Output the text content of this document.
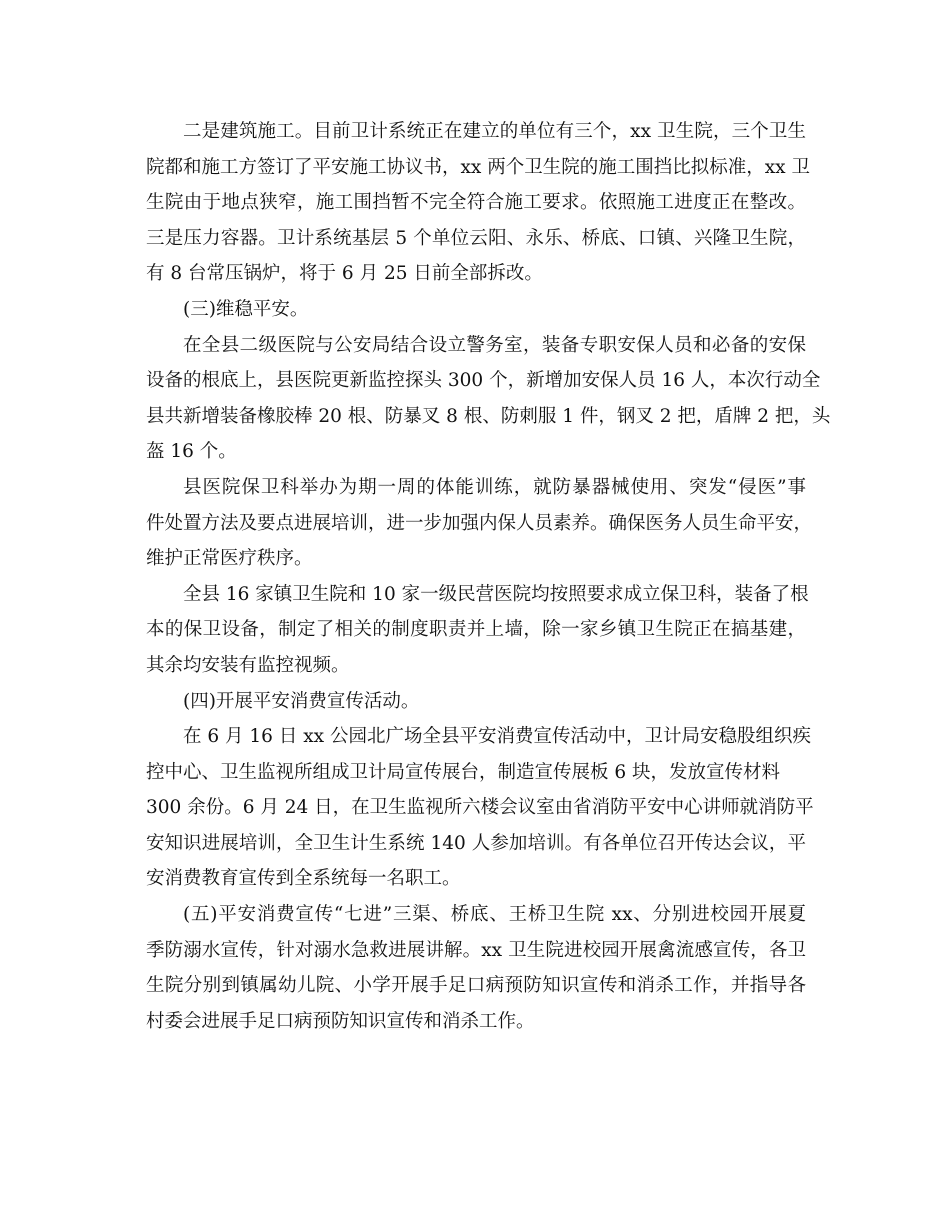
二是建筑施工。目前卫计系统正在建立的单位有三个，xx 卫生院，三个卫生
院都和施工方签订了平安施工协议书，xx 两个卫生院的施工围挡比拟标准，xx 卫
生院由于地点狭窄，施工围挡暂不完全符合施工要求。依照施工进度正在整改。
三是压力容器。卫计系统基层 5 个单位云阳、永乐、桥底、口镇、兴隆卫生院，
有 8 台常压锅炉，将于 6 月 25 日前全部拆改。
(三)维稳平安。
在全县二级医院与公安局结合设立警务室，装备专职安保人员和必备的安保
设备的根底上，县医院更新监控探头 300 个，新增加安保人员 16 人，本次行动全
县共新增装备橡胶棒 20 根、防暴叉 8 根、防刺服 1 件，钢叉 2 把，盾牌 2 把，头
盔 16 个。
县医院保卫科举办为期一周的体能训练，就防暴器械使用、突发“侵医”事
件处置方法及要点进展培训，进一步加强内保人员素养。确保医务人员生命平安，
维护正常医疗秩序。
全县 16 家镇卫生院和 10 家一级民营医院均按照要求成立保卫科，装备了根
本的保卫设备，制定了相关的制度职责并上墙，除一家乡镇卫生院正在搞基建，
其余均安装有监控视频。
(四)开展平安消费宣传活动。
在 6 月 16 日 xx 公园北广场全县平安消费宣传活动中，卫计局安稳股组织疾
控中心、卫生监视所组成卫计局宣传展台，制造宣传展板 6 块，发放宣传材料
300 余份。6 月 24 日，在卫生监视所六楼会议室由省消防平安中心讲师就消防平
安知识进展培训，全卫生计生系统 140 人参加培训。有各单位召开传达会议，平
安消费教育宣传到全系统每一名职工。
(五)平安消费宣传“七进”三渠、桥底、王桥卫生院 xx、分别进校园开展夏
季防溺水宣传，针对溺水急救进展讲解。xx 卫生院进校园开展禽流感宣传，各卫
生院分别到镇属幼儿院、小学开展手足口病预防知识宣传和消杀工作，并指导各
村委会进展手足口病预防知识宣传和消杀工作。
